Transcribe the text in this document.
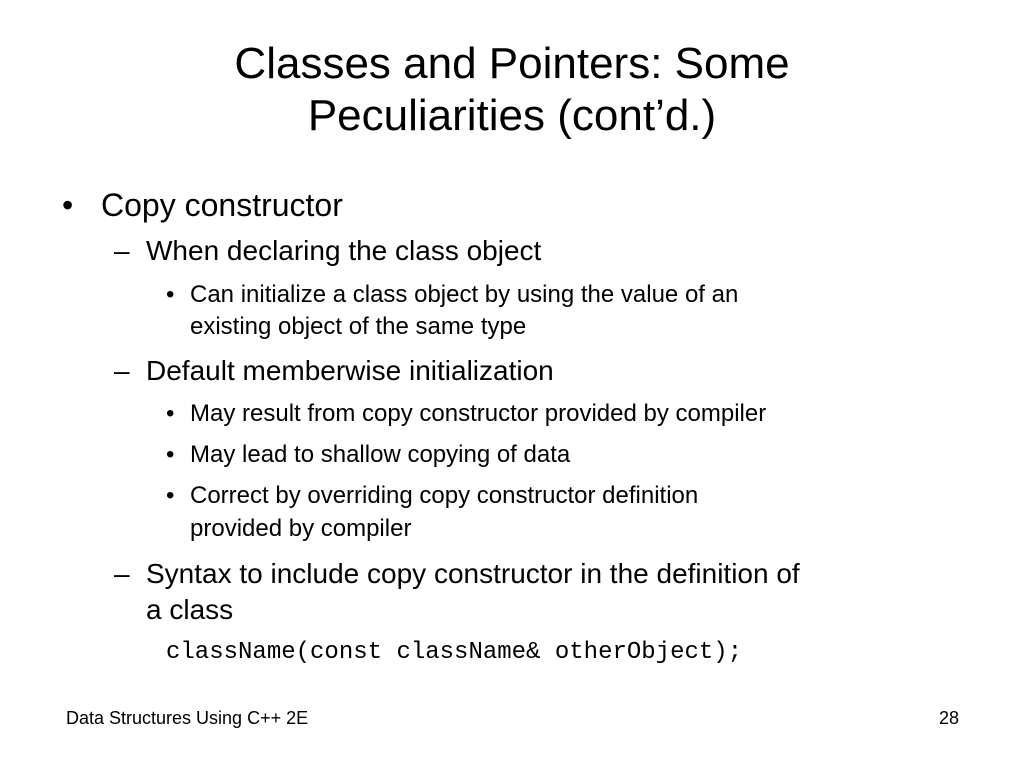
Classes and Pointers: Some
Peculiarities (cont’d.)
• Copy constructor
– When declaring the class object
• Can initialize a class object by using the value of an
existing object of the same type
– Default memberwise initialization
• May result from copy constructor provided by compiler
• May lead to shallow copying of data
• Correct by overriding copy constructor definition
provided by compiler
– Syntax to include copy constructor in the definition of
a class
className(const className& otherObject);
Data Structures Using C++ 2E	28
